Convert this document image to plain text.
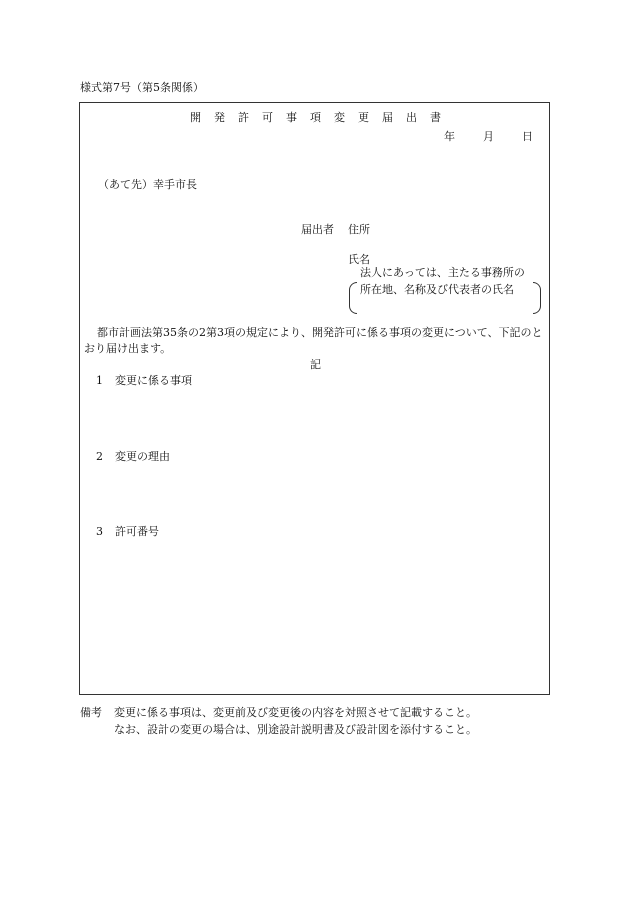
様式第7号（第5条関係）
開発許可事項変更届出書
年	月	日
（あて先）幸手市長
届出者 住所
氏名
法人にあっては、主たる事務所の
所在地、名称及び代表者の氏名
都市計画法第35条の2第3項の規定により、開発許可に係る事項の変更について、下記のとおり届け出ます。
記
1 変更に係る事項
2 変更の理由
3 許可番号
備考 変更に係る事項は、変更前及び変更後の内容を対照させて記載すること。
なお、設計の変更の場合は、別途設計説明書及び設計図を添付すること。
